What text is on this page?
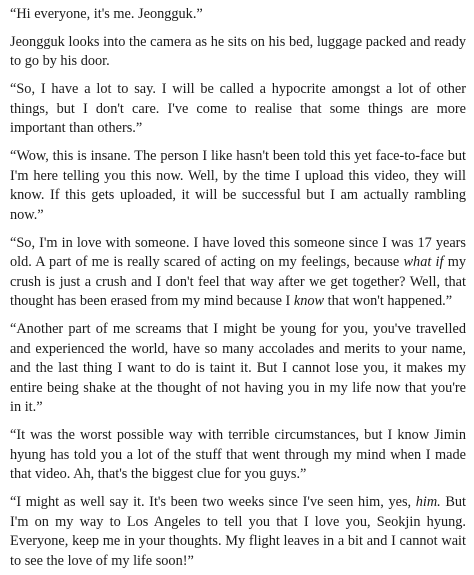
“Hi everyone, it's me. Jeongguk.”

Jeongguk looks into the camera as he sits on his bed, luggage packed and ready to go by his door.

“So, I have a lot to say. I will be called a hypocrite amongst a lot of other things, but I don't care. I've come to realise that some things are more important than others.”

“Wow, this is insane. The person I like hasn't been told this yet face-to-face but I'm here telling you this now. Well, by the time I upload this video, they will know. If this gets uploaded, it will be successful but I am actually rambling now.”

“So, I'm in love with someone. I have loved this someone since I was 17 years old. A part of me is really scared of acting on my feelings, because what if my crush is just a crush and I don't feel that way after we get together? Well, that thought has been erased from my mind because I know that won't happened.”

“Another part of me screams that I might be young for you, you've travelled and experienced the world, have so many accolades and merits to your name, and the last thing I want to do is taint it. But I cannot lose you, it makes my entire being shake at the thought of not having you in my life now that you're in it.”

“It was the worst possible way with terrible circumstances, but I know Jimin hyung has told you a lot of the stuff that went through my mind when I made that video. Ah, that's the biggest clue for you guys.”

“I might as well say it. It's been two weeks since I've seen him, yes, him. But I'm on my way to Los Angeles to tell you that I love you, Seokjin hyung. Everyone, keep me in your thoughts. My flight leaves in a bit and I cannot wait to see the love of my life soon!”
